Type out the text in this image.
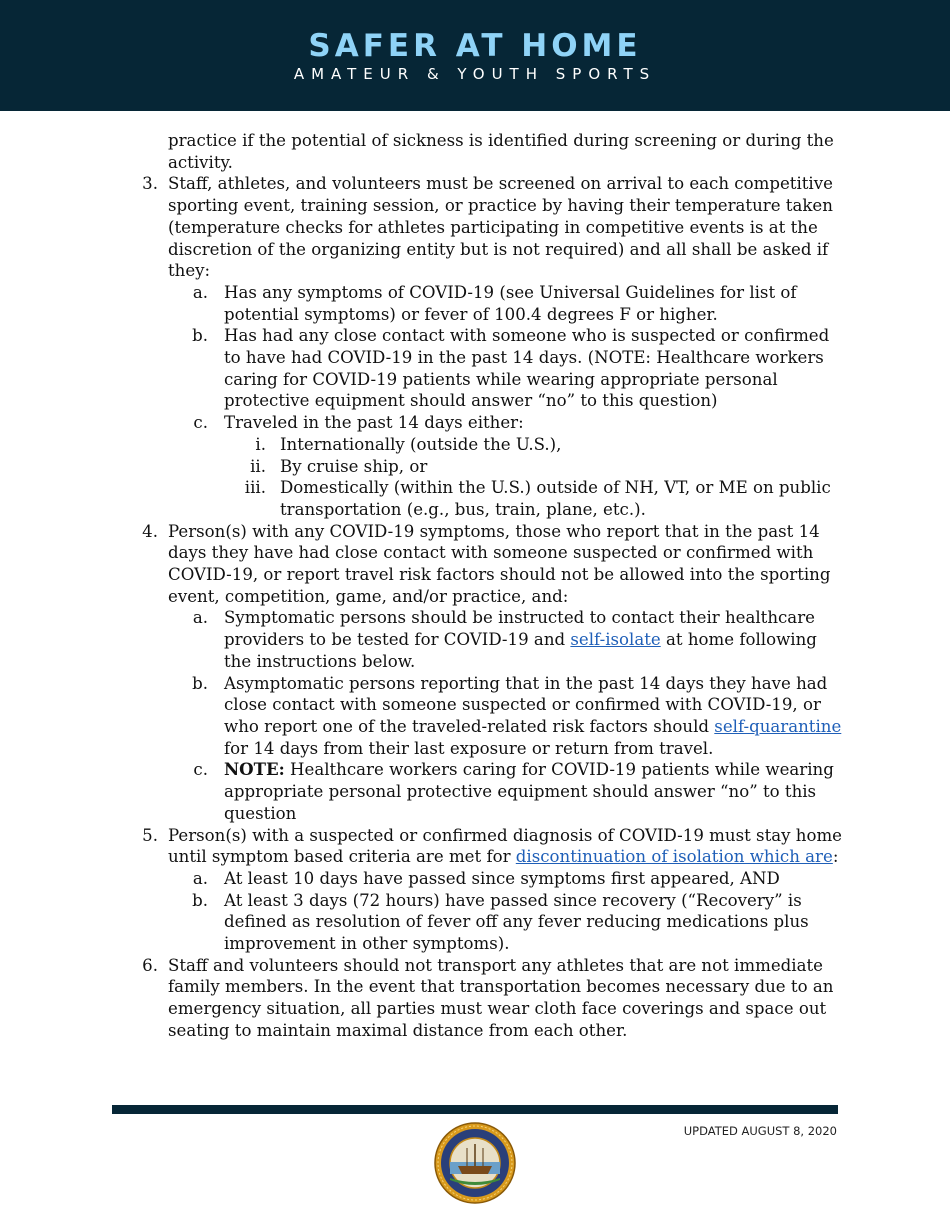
SAFER AT HOME
AMATEUR & YOUTH SPORTS
practice if the potential of sickness is identified during screening or during the activity.
3. Staff, athletes, and volunteers must be screened on arrival to each competitive sporting event, training session, or practice by having their temperature taken (temperature checks for athletes participating in competitive events is at the discretion of the organizing entity but is not required) and all shall be asked if they:
a. Has any symptoms of COVID-19 (see Universal Guidelines for list of potential symptoms) or fever of 100.4 degrees F or higher.
b. Has had any close contact with someone who is suspected or confirmed to have had COVID-19 in the past 14 days. (NOTE: Healthcare workers caring for COVID-19 patients while wearing appropriate personal protective equipment should answer “no” to this question)
c. Traveled in the past 14 days either:
i. Internationally (outside the U.S.),
ii. By cruise ship, or
iii. Domestically (within the U.S.) outside of NH, VT, or ME on public transportation (e.g., bus, train, plane, etc.).
4. Person(s) with any COVID-19 symptoms, those who report that in the past 14 days they have had close contact with someone suspected or confirmed with COVID-19, or report travel risk factors should not be allowed into the sporting event, competition, game, and/or practice, and:
a. Symptomatic persons should be instructed to contact their healthcare providers to be tested for COVID-19 and self-isolate at home following the instructions below.
b. Asymptomatic persons reporting that in the past 14 days they have had close contact with someone suspected or confirmed with COVID-19, or who report one of the traveled-related risk factors should self-quarantine for 14 days from their last exposure or return from travel.
c. NOTE: Healthcare workers caring for COVID-19 patients while wearing appropriate personal protective equipment should answer “no” to this question
5. Person(s) with a suspected or confirmed diagnosis of COVID-19 must stay home until symptom based criteria are met for discontinuation of isolation which are:
a. At least 10 days have passed since symptoms first appeared, AND
b. At least 3 days (72 hours) have passed since recovery (“Recovery” is defined as resolution of fever off any fever reducing medications plus improvement in other symptoms).
6. Staff and volunteers should not transport any athletes that are not immediate family members. In the event that transportation becomes necessary due to an emergency situation, all parties must wear cloth face coverings and space out seating to maintain maximal distance from each other.
UPDATED AUGUST 8, 2020
